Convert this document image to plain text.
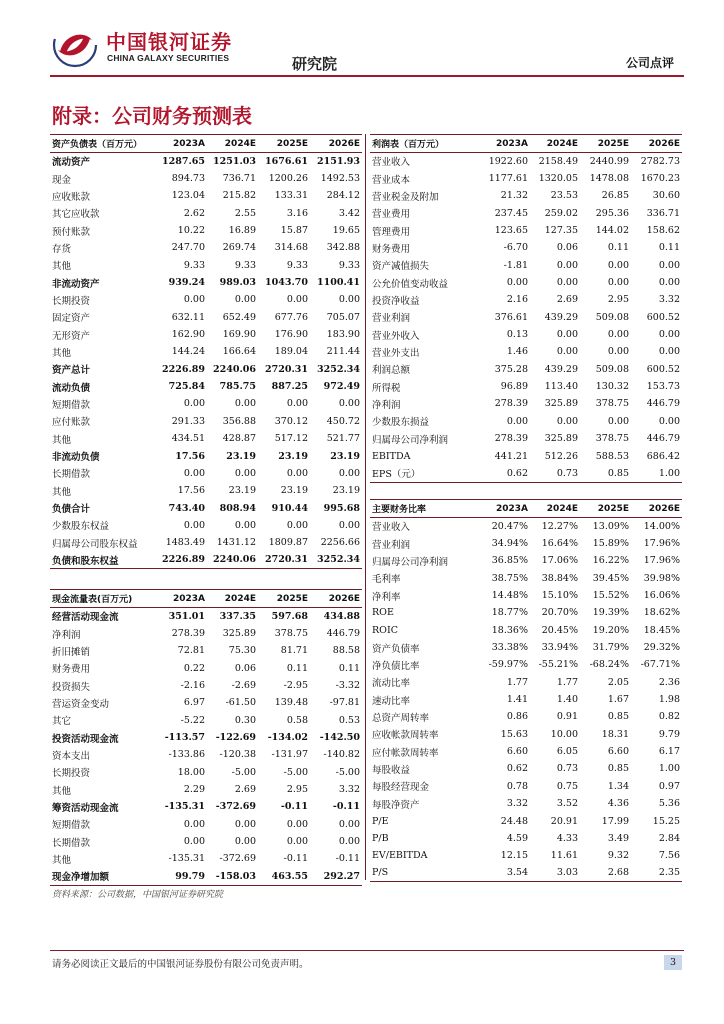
中国银河证券
CHINA GALAXY SECURITIES	研究院	公司点评
附录：公司财务预测表
资产负债表（百万元）	2023A	2024E	2025E	2026E
流动资产	1287.65	1251.03	1676.61	2151.93
现金	894.73	736.71	1200.26	1492.53
应收账款	123.04	215.82	133.31	284.12
其它应收款	2.62	2.55	3.16	3.42
预付账款	10.22	16.89	15.87	19.65
存货	247.70	269.74	314.68	342.88
其他	9.33	9.33	9.33	9.33
非流动资产	939.24	989.03	1043.70	1100.41
长期投资	0.00	0.00	0.00	0.00
固定资产	632.11	652.49	677.76	705.07
无形资产	162.90	169.90	176.90	183.90
其他	144.24	166.64	189.04	211.44
资产总计	2226.89	2240.06	2720.31	3252.34
流动负债	725.84	785.75	887.25	972.49
短期借款	0.00	0.00	0.00	0.00
应付账款	291.33	356.88	370.12	450.72
其他	434.51	428.87	517.12	521.77
非流动负债	17.56	23.19	23.19	23.19
长期借款	0.00	0.00	0.00	0.00
其他	17.56	23.19	23.19	23.19
负债合计	743.40	808.94	910.44	995.68
少数股东权益	0.00	0.00	0.00	0.00
归属母公司股东权益	1483.49	1431.12	1809.87	2256.66
负债和股东权益	2226.89	2240.06	2720.31	3252.34
利润表（百万元）	2023A	2024E	2025E	2026E
营业收入	1922.60	2158.49	2440.99	2782.73
营业成本	1177.61	1320.05	1478.08	1670.23
营业税金及附加	21.32	23.53	26.85	30.60
营业费用	237.45	259.02	295.36	336.71
管理费用	123.65	127.35	144.02	158.62
财务费用	-6.70	0.06	0.11	0.11
资产减值损失	-1.81	0.00	0.00	0.00
公允价值变动收益	0.00	0.00	0.00	0.00
投资净收益	2.16	2.69	2.95	3.32
营业利润	376.61	439.29	509.08	600.52
营业外收入	0.13	0.00	0.00	0.00
营业外支出	1.46	0.00	0.00	0.00
利润总额	375.28	439.29	509.08	600.52
所得税	96.89	113.40	130.32	153.73
净利润	278.39	325.89	378.75	446.79
少数股东损益	0.00	0.00	0.00	0.00
归属母公司净利润	278.39	325.89	378.75	446.79
EBITDA	441.21	512.26	588.53	686.42
EPS（元）	0.62	0.73	0.85	1.00
主要财务比率	2023A	2024E	2025E	2026E
营业收入	20.47%	12.27%	13.09%	14.00%
营业利润	34.94%	16.64%	15.89%	17.96%
归属母公司净利润	36.85%	17.06%	16.22%	17.96%
毛利率	38.75%	38.84%	39.45%	39.98%
净利率	14.48%	15.10%	15.52%	16.06%
ROE	18.77%	20.70%	19.39%	18.62%
ROIC	18.36%	20.45%	19.20%	18.45%
资产负债率	33.38%	33.94%	31.79%	29.32%
净负债比率	-59.97%	-55.21%	-68.24%	-67.71%
流动比率	1.77	1.77	2.05	2.36
速动比率	1.41	1.40	1.67	1.98
总资产周转率	0.86	0.91	0.85	0.82
应收帐款周转率	15.63	10.00	18.31	9.79
应付帐款周转率	6.60	6.05	6.60	6.17
每股收益	0.62	0.73	0.85	1.00
每股经营现金	0.78	0.75	1.34	0.97
每股净资产	3.32	3.52	4.36	5.36
P/E	24.48	20.91	17.99	15.25
P/B	4.59	4.33	3.49	2.84
EV/EBITDA	12.15	11.61	9.32	7.56
P/S	3.54	3.03	2.68	2.35
现金流量表(百万元)	2023A	2024E	2025E	2026E
经营活动现金流	351.01	337.35	597.68	434.88
净利润	278.39	325.89	378.75	446.79
折旧摊销	72.81	75.30	81.71	88.58
财务费用	0.22	0.06	0.11	0.11
投资损失	-2.16	-2.69	-2.95	-3.32
营运资金变动	6.97	-61.50	139.48	-97.81
其它	-5.22	0.30	0.58	0.53
投资活动现金流	-113.57	-122.69	-134.02	-142.50
资本支出	-133.86	-120.38	-131.97	-140.82
长期投资	18.00	-5.00	-5.00	-5.00
其他	2.29	2.69	2.95	3.32
筹资活动现金流	-135.31	-372.69	-0.11	-0.11
短期借款	0.00	0.00	0.00	0.00
长期借款	0.00	0.00	0.00	0.00
其他	-135.31	-372.69	-0.11	-0.11
现金净增加额	99.79	-158.03	463.55	292.27
资料来源：公司数据，中国银河证券研究院
请务必阅读正文最后的中国银河证券股份有限公司免责声明。	3
